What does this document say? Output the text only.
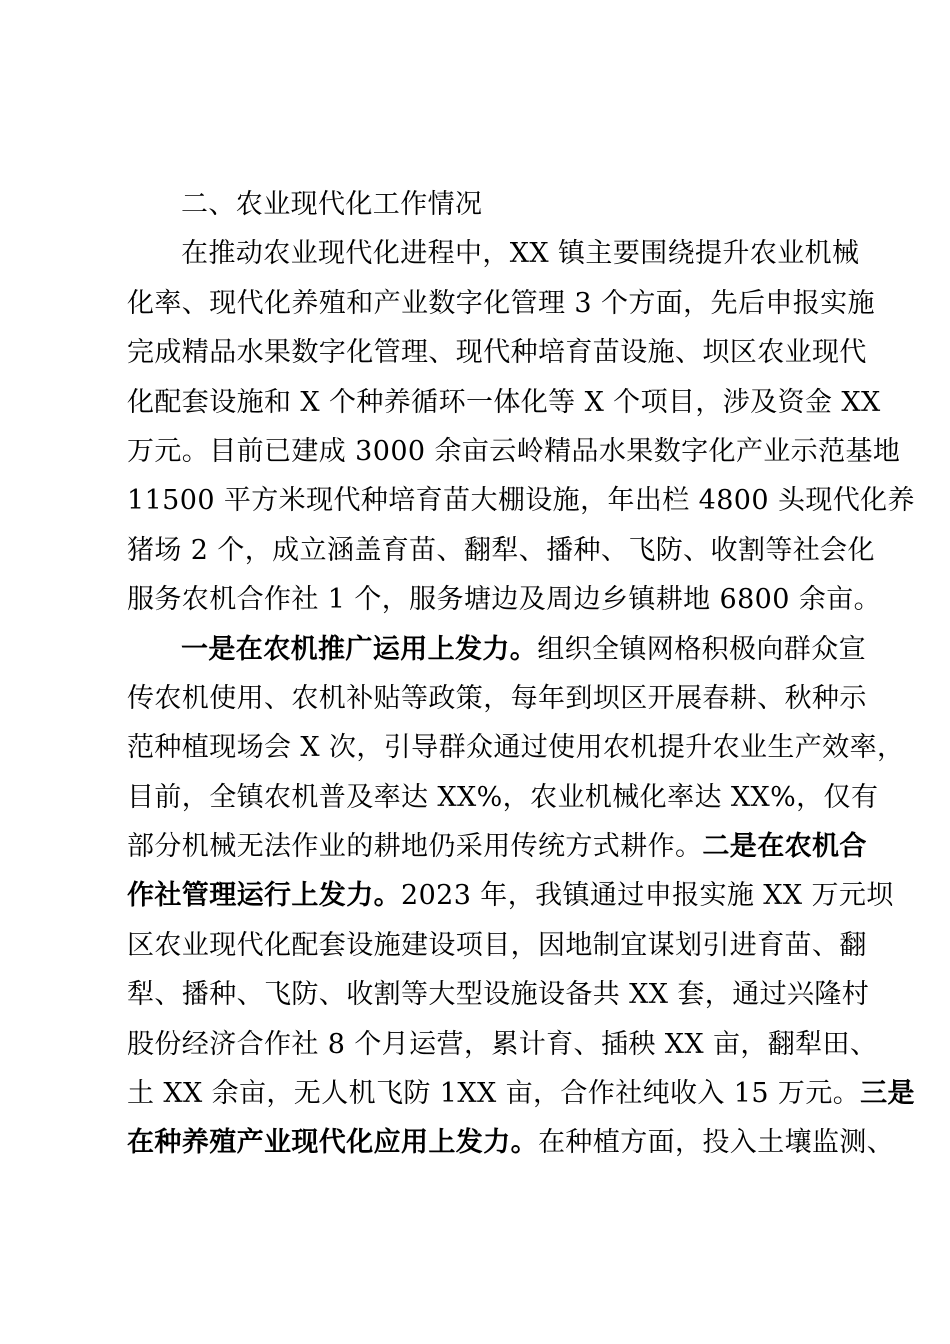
二、农业现代化工作情况
在推动农业现代化进程中，XX 镇主要围绕提升农业机械
化率、现代化养殖和产业数字化管理 3 个方面，先后申报实施
完成精品水果数字化管理、现代种培育苗设施、坝区农业现代
化配套设施和 X 个种养循环一体化等 X 个项目，涉及资金 XX
万元。目前已建成 3000 余亩云岭精品水果数字化产业示范基地
11500 平方米现代种培育苗大棚设施，年出栏 4800 头现代化养
猪场 2 个，成立涵盖育苗、翻犁、播种、飞防、收割等社会化
服务农机合作社 1 个，服务塘边及周边乡镇耕地 6800 余亩。
一是在农机推广运用上发力。组织全镇网格积极向群众宣
传农机使用、农机补贴等政策，每年到坝区开展春耕、秋种示
范种植现场会 X 次，引导群众通过使用农机提升农业生产效率，
目前，全镇农机普及率达 XX%，农业机械化率达 XX%，仅有
部分机械无法作业的耕地仍采用传统方式耕作。二是在农机合
作社管理运行上发力。2023 年，我镇通过申报实施 XX 万元坝
区农业现代化配套设施建设项目，因地制宜谋划引进育苗、翻
犁、播种、飞防、收割等大型设施设备共 XX 套，通过兴隆村
股份经济合作社 8 个月运营，累计育、插秧 XX 亩，翻犁田、
土 XX 余亩，无人机飞防 1XX 亩，合作社纯收入 15 万元。三是
在种养殖产业现代化应用上发力。在种植方面，投入土壤监测、
